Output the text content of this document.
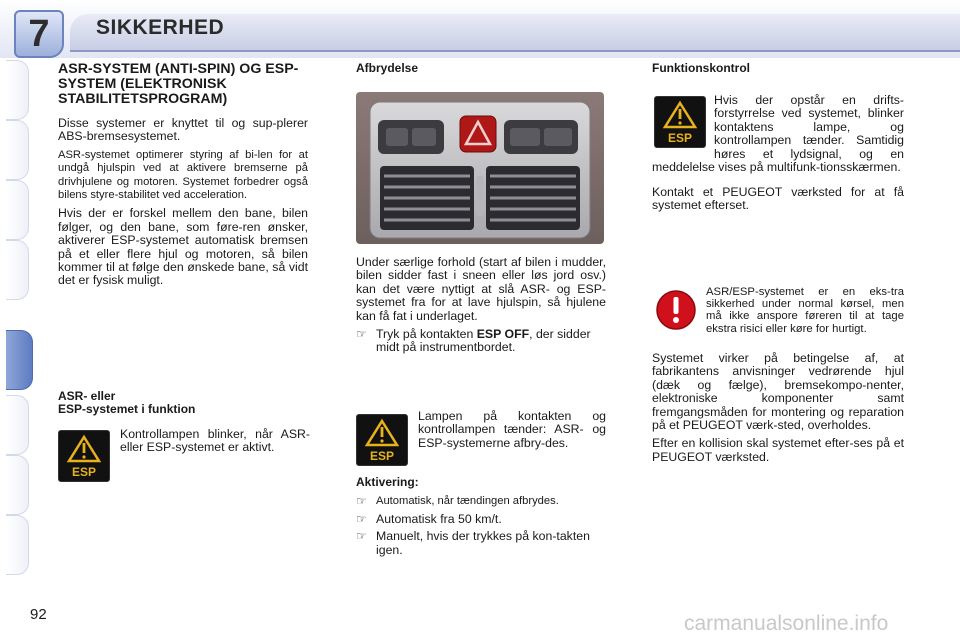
7	SIKKERHED
ASR-SYSTEM (ANTI-SPIN) OG ESP-SYSTEM (ELEKTRONISK STABILITETSPROGRAM)

Disse systemer er knyttet til og sup-plerer ABS-bremsesystemet.

ASR-systemet optimerer styring af bi-len for at undgå hjulspin ved at aktivere bremserne på drivhjulene og motoren. Systemet forbedrer også bilens styre-stabilitet ved acceleration.

Hvis der er forskel mellem den bane, bilen følger, og den bane, som føre-ren ønsker, aktiverer ESP-systemet automatisk bremsen på et eller flere hjul og motoren, så bilen kommer til at følge den ønskede bane, så vidt det er fysisk muligt.

ASR- eller
ESP-systemet i funktion
ESP
Kontrollampen blinker, når ASR- eller ESP-systemet er aktivt.
Afbrydelse

Under særlige forhold (start af bilen i mudder, bilen sidder fast i sneen eller løs jord osv.) kan det være nyttigt at slå ASR- og ESP-systemet fra for at lave hjulspin, så hjulene kan få fat i underlaget.

☞ Tryk på kontakten ESP OFF, der sidder midt på instrumentbordet.
ESP
Lampen på kontakten og kontrollampen tænder: ASR- og ESP-systemerne afbry-des.
Aktivering:
☞ Automatisk, når tændingen afbrydes.
☞ Automatisk fra 50 km/t.
☞ Manuelt, hvis der trykkes på kon-takten igen.
Funktionskontrol
ESP
Hvis der opstår en drifts-forstyrrelse ved systemet, blinker kontaktens lampe, og kontrollampen tænder. Samtidig høres et lydsignal, og en meddelelse vises på multifunk-tionsskærmen.

Kontakt et PEUGEOT værksted for at få systemet efterset.

ASR/ESP-systemet er en eks-tra sikkerhed under normal kørsel, men må ikke anspore føreren til at tage ekstra risici eller køre for hurtigt.

Systemet virker på betingelse af, at fabrikantens anvisninger vedrørende hjul (dæk og fælge), bremsekompo-nenter, elektroniske komponenter samt fremgangsmåden for montering og reparation på et PEUGEOT værk-sted, overholdes.

Efter en kollision skal systemet efter-ses på et PEUGEOT værksted.

92	carmanualsonline.info
